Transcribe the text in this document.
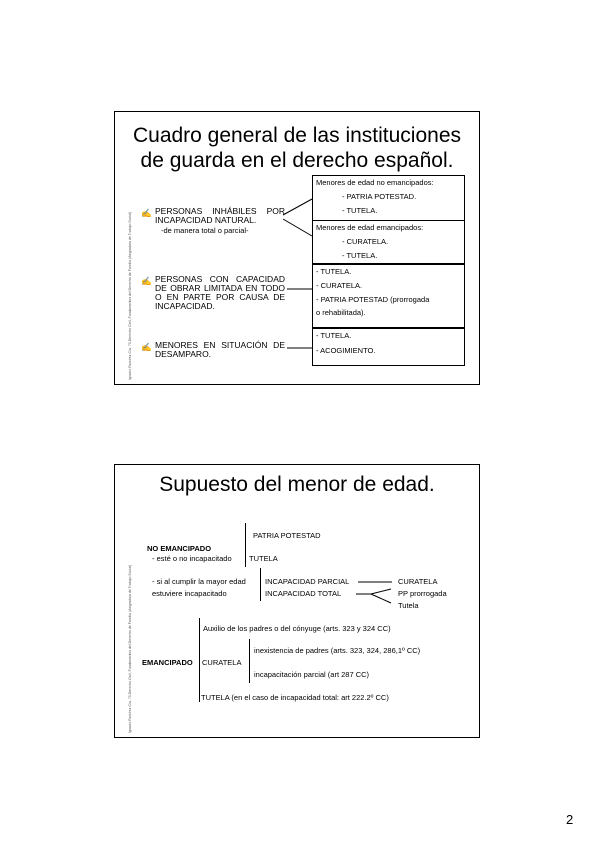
Ignacio Ramírez Cía, 70-Derecho Civil, Fundamentos del Derecho de Familia (Asignatura de Trabajo Social)
Cuadro general de las instituciones
de guarda en el derecho español.
✍ PERSONAS INHÁBILES POR INCAPACIDAD NATURAL.
-de manera total o parcial-
✍ PERSONAS CON CAPACIDAD DE OBRAR LIMITADA EN TODO O EN PARTE POR CAUSA DE INCAPACIDAD.
✍ MENORES EN SITUACIÓN DE DESAMPARO.
Menores de edad no emancipados:
- PATRIA POTESTAD.
- TUTELA.
Menores de edad emancipados:
- CURATELA.
- TUTELA.
- TUTELA.
- CURATELA.
- PATRIA POTESTAD (prorrogada
o rehabilitada).
- TUTELA.
- ACOGIMIENTO.
Ignacio Ramírez Cía, 70-Derecho Civil, Fundamentos del Derecho de Familia (Asignatura de Trabajo Social)
Supuesto del menor de edad.
PATRIA POTESTAD
NO EMANCIPADO
- esté o no incapacitado TUTELA
- si al cumplir la mayor edad
estuviere incapacitado
INCAPACIDAD PARCIAL
INCAPACIDAD TOTAL
CURATELA
PP prorrogada
Tutela
Auxilio de los padres o del cónyuge (arts. 323 y 324 CC)
EMANCIPADO CURATELA
inexistencia de padres (arts. 323, 324, 286,1º CC)
incapacitación parcial (art 287 CC)
TUTELA (en el caso de incapacidad total: art 222.2º CC)
2
